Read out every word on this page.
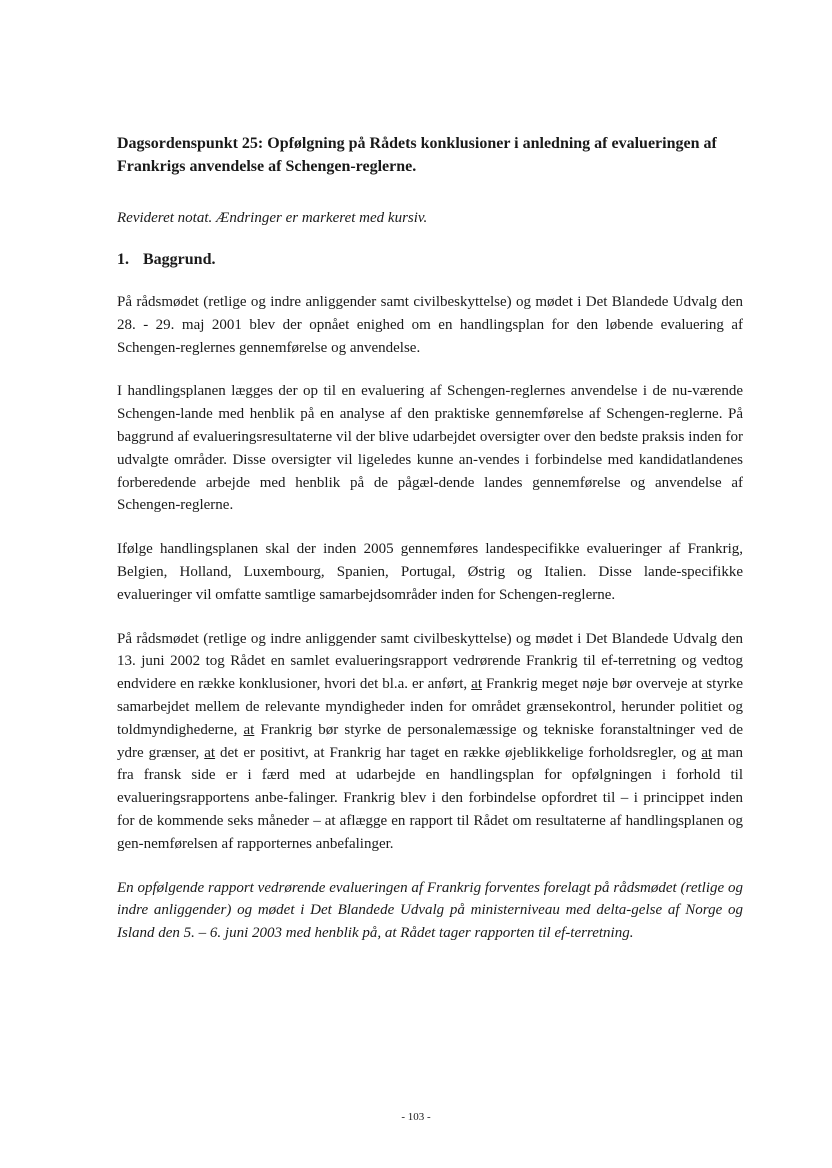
Dagsordenspunkt 25: Opfølgning på Rådets konklusioner i anledning af evalueringen af Frankrigs anvendelse af Schengen-reglerne.
Revideret notat. Ændringer er markeret med kursiv.
1. Baggrund.

På rådsmødet (retlige og indre anliggender samt civilbeskyttelse) og mødet i Det Blandede Udvalg den 28. - 29. maj 2001 blev der opnået enighed om en handlingsplan for den løbende evaluering af Schengen-reglernes gennemførelse og anvendelse.

I handlingsplanen lægges der op til en evaluering af Schengen-reglernes anvendelse i de nu-værende Schengen-lande med henblik på en analyse af den praktiske gennemførelse af Schengen-reglerne. På baggrund af evalueringsresultaterne vil der blive udarbejdet oversigter over den bedste praksis inden for udvalgte områder. Disse oversigter vil ligeledes kunne an-vendes i forbindelse med kandidatlandenes forberedende arbejde med henblik på de pågæl-dende landes gennemførelse og anvendelse af Schengen-reglerne.

Ifølge handlingsplanen skal der inden 2005 gennemføres landespecifikke evalueringer af Frankrig, Belgien, Holland, Luxembourg, Spanien, Portugal, Østrig og Italien. Disse lande-specifikke evalueringer vil omfatte samtlige samarbejdsområder inden for Schengen-reglerne.

På rådsmødet (retlige og indre anliggender samt civilbeskyttelse) og mødet i Det Blandede Udvalg den 13. juni 2002 tog Rådet en samlet evalueringsrapport vedrørende Frankrig til ef-terretning og vedtog endvidere en række konklusioner, hvori det bl.a. er anført, at Frankrig meget nøje bør overveje at styrke samarbejdet mellem de relevante myndigheder inden for området grænsekontrol, herunder politiet og toldmyndighederne, at Frankrig bør styrke de personalemæssige og tekniske foranstaltninger ved de ydre grænser, at det er positivt, at Frankrig har taget en række øjeblikkelige forholdsregler, og at man fra fransk side er i færd med at udarbejde en handlingsplan for opfølgningen i forhold til evalueringsrapportens anbe-falinger. Frankrig blev i den forbindelse opfordret til – i princippet inden for de kommende seks måneder – at aflægge en rapport til Rådet om resultaterne af handlingsplanen og gen-nemførelsen af rapporternes anbefalinger.

En opfølgende rapport vedrørende evalueringen af Frankrig forventes forelagt på rådsmødet (retlige og indre anliggender) og mødet i Det Blandede Udvalg på ministerniveau med delta-gelse af Norge og Island den 5. – 6. juni 2003 med henblik på, at Rådet tager rapporten til ef-terretning.

- 103 -
